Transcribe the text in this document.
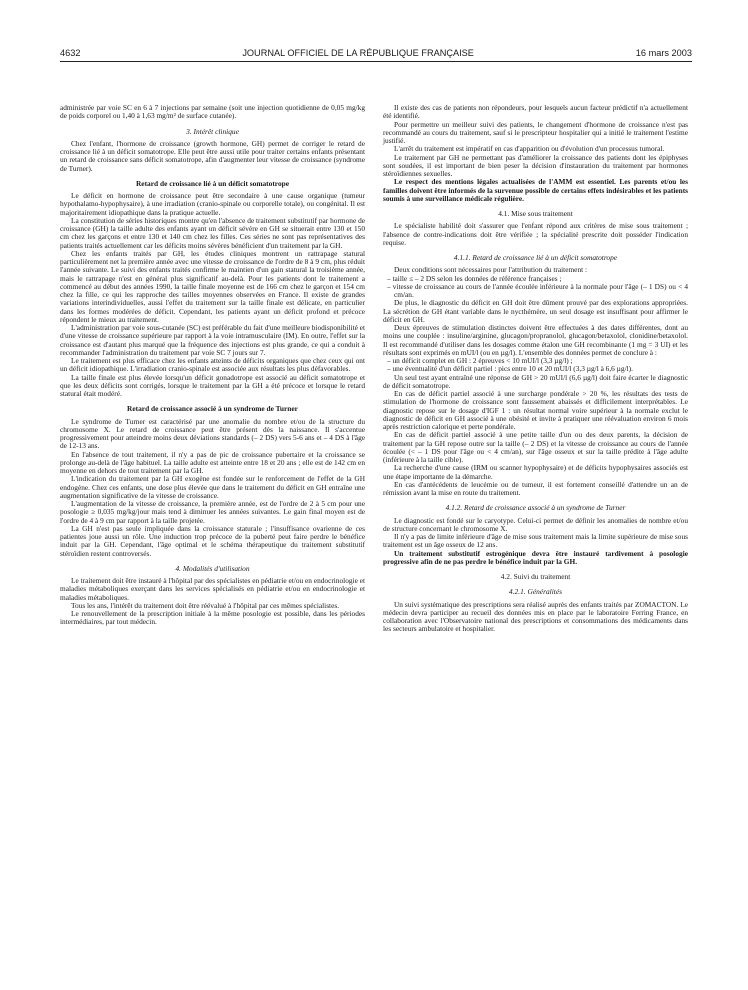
4632	JOURNAL OFFICIEL DE LA RÉPUBLIQUE FRANÇAISE	16 mars 2003

administrée par voie SC en 6 à 7 injections par semaine (soit une injection quotidienne de 0,05 mg/kg de poids corporel ou 1,40 à 1,63 mg/m² de surface cutanée).

3. Intérêt clinique

Chez l'enfant, l'hormone de croissance (growth hormone, GH) permet de corriger le retard de croissance lié à un déficit somatotrope. Elle peut être aussi utile pour traiter certains enfants présentant un retard de croissance sans déficit somatotrope, afin d'augmenter leur vitesse de croissance (syndrome de Turner).

Retard de croissance lié à un déficit somatotrope

Le déficit en hormone de croissance peut être secondaire à une cause organique (tumeur hypothalamo-hypophysaire), à une irradiation (cranio-spinale ou corporelle totale), ou congénital. Il est majoritairement idiopathique dans la pratique actuelle.

La constitution de séries historiques montre qu'en l'absence de traitement substitutif par hormone de croissance (GH) la taille adulte des enfants ayant un déficit sévère en GH se situerait entre 130 et 150 cm chez les garçons et entre 130 et 140 cm chez les filles. Ces séries ne sont pas représentatives des patients traités actuellement car les déficits moins sévères bénéficient d'un traitement par la GH.

Chez les enfants traités par GH, les études cliniques montrent un rattrapage statural particulièrement net la première année avec une vitesse de croissance de l'ordre de 8 à 9 cm, plus réduit l'année suivante. Le suivi des enfants traités confirme le maintien d'un gain statural la troisième année, mais le rattrapage n'est en général plus significatif au-delà. Pour les patients dont le traitement a commencé au début des années 1990, la taille finale moyenne est de 166 cm chez le garçon et 154 cm chez la fille, ce qui les rapproche des tailles moyennes observées en France. Il existe de grandes variations interindividuelles, aussi l'effet du traitement sur la taille finale est délicate, en particulier dans les formes modérées de déficit. Cependant, les patients ayant un déficit profond et précoce répondent le mieux au traitement.

L'administration par voie sous-cutanée (SC) est préférable du fait d'une meilleure biodisponibilité et d'une vitesse de croissance supérieure par rapport à la voie intramusculaire (IM). En outre, l'effet sur la croissance est d'autant plus marqué que la fréquence des injections est plus grande, ce qui a conduit à recommander l'administration du traitement par voie SC 7 jours sur 7.

Le traitement est plus efficace chez les enfants atteints de déficits organiques que chez ceux qui ont un déficit idiopathique. L'irradiation cranio-spinale est associée aux résultats les plus défavorables.

La taille finale est plus élevée lorsqu'un déficit gonadotrope est associé au déficit somatotrope et que les deux déficits sont corrigés, lorsque le traitement par la GH a été précoce et lorsque le retard statural était modéré.

Retard de croissance associé à un syndrome de Turner

Le syndrome de Turner est caractérisé par une anomalie du nombre et/ou de la structure du chromosome X. Le retard de croissance peut être présent dès la naissance. Il s'accentue progressivement pour atteindre moins deux déviations standards (– 2 DS) vers 5-6 ans et – 4 DS à l'âge de 12-13 ans.

En l'absence de tout traitement, il n'y a pas de pic de croissance pubertaire et la croissance se prolonge au-delà de l'âge habituel. La taille adulte est atteinte entre 18 et 20 ans ; elle est de 142 cm en moyenne en dehors de tout traitement par la GH.

L'indication du traitement par la GH exogène est fondée sur le renforcement de l'effet de la GH endogène. Chez ces enfants, une dose plus élevée que dans le traitement du déficit en GH entraîne une augmentation significative de la vitesse de croissance.

L'augmentation de la vitesse de croissance, la première année, est de l'ordre de 2 à 5 cm pour une posologie ≥ 0,035 mg/kg/jour mais tend à diminuer les années suivantes. Le gain final moyen est de l'ordre de 4 à 9 cm par rapport à la taille projetée.

La GH n'est pas seule impliquée dans la croissance staturale ; l'insuffisance ovarienne de ces patientes joue aussi un rôle. Une induction trop précoce de la puberté peut faire perdre le bénéfice induit par la GH. Cependant, l'âge optimal et le schéma thérapeutique du traitement substitutif stéroïdien restent controversés.

4. Modalités d'utilisation

Le traitement doit être instauré à l'hôpital par des spécialistes en pédiatrie et/ou en endocrinologie et maladies métaboliques exerçant dans les services spécialisés en pédiatrie et/ou en endocrinologie et maladies métaboliques.

Tous les ans, l'intérêt du traitement doit être réévalué à l'hôpital par ces mêmes spécialistes.

Le renouvellement de la prescription initiale à la même posologie est possible, dans les périodes intermédiaires, par tout médecin.

Il existe des cas de patients non répondeurs, pour lesquels aucun facteur prédictif n'a actuellement été identifié.

Pour permettre un meilleur suivi des patients, le changement d'hormone de croissance n'est pas recommandé au cours du traitement, sauf si le prescripteur hospitalier qui a initié le traitement l'estime justifié.

L'arrêt du traitement est impératif en cas d'apparition ou d'évolution d'un processus tumoral.

Le traitement par GH ne permettant pas d'améliorer la croissance des patients dont les épiphyses sont soudées, il est important de bien peser la décision d'instauration du traitement par hormones stéroïdiennes sexuelles.

Le respect des mentions légales actualisées de l'AMM est essentiel. Les parents et/ou les familles doivent être informés de la survenue possible de certains effets indésirables et les patients soumis à une surveillance médicale régulière.

4.1. Mise sous traitement

Le spécialiste habilité doit s'assurer que l'enfant répond aux critères de mise sous traitement ; l'absence de contre-indications doit être vérifiée ; la spécialité prescrite doit posséder l'indication requise.

4.1.1. Retard de croissance lié à un déficit somatotrope

Deux conditions sont nécessaires pour l'attribution du traitement :

– taille ≤ – 2 DS selon les données de référence françaises ;
– vitesse de croissance au cours de l'année écoulée inférieure à la normale pour l'âge (– 1 DS) ou < 4 cm/an.

De plus, le diagnostic du déficit en GH doit être dûment prouvé par des explorations appropriées. La sécrétion de GH étant variable dans le nycthémère, un seul dosage est insuffisant pour affirmer le déficit en GH.

Deux épreuves de stimulation distinctes doivent être effectuées à des dates différentes, dont au moins une couplée : insuline/arginine, glucagon/propranolol, glucagon/betaxolol, clonidine/betaxolol. Il est recommandé d'utiliser dans les dosages comme étalon une GH recombinante (1 mg = 3 UI) et les résultats sont exprimés en mUI/l (ou en µg/l). L'ensemble des données permet de conclure à :

– un déficit complet en GH : 2 épreuves < 10 mUI/l (3,3 µg/l) ;
– une éventualité d'un déficit partiel : pics entre 10 et 20 mUI/l (3,3 µg/l à 6,6 µg/l).

Un seul test ayant entraîné une réponse de GH > 20 mUI/l (6,6 µg/l) doit faire écarter le diagnostic de déficit somatotrope.

En cas de déficit partiel associé à une surcharge pondérale > 20 %, les résultats des tests de stimulation de l'hormone de croissance sont faussement abaissés et difficilement interprétables. Le diagnostic repose sur le dosage d'IGF 1 : un résultat normal voire supérieur à la normale exclut le diagnostic de déficit en GH associé à une obésité et invite à pratiquer une réévaluation environ 6 mois après restriction calorique et perte pondérale.

En cas de déficit partiel associé à une petite taille d'un ou des deux parents, la décision de traitement par la GH repose outre sur la taille (– 2 DS) et la vitesse de croissance au cours de l'année écoulée (< – 1 DS pour l'âge ou < 4 cm/an), sur l'âge osseux et sur la taille prédite à l'âge adulte (inférieure à la taille cible).

La recherche d'une cause (IRM ou scanner hypophysaire) et de déficits hypophysaires associés est une étape importante de la démarche.

En cas d'antécédents de leucémie ou de tumeur, il est fortement conseillé d'attendre un an de rémission avant la mise en route du traitement.

4.1.2. Retard de croissance associé à un syndrome de Turner

Le diagnostic est fondé sur le caryotype. Celui-ci permet de définir les anomalies de nombre et/ou de structure concernant le chromosome X.

Il n'y a pas de limite inférieure d'âge de mise sous traitement mais la limite supérieure de mise sous traitement est un âge osseux de 12 ans.

Un traitement substitutif estrogénique devra être instauré tardivement à posologie progressive afin de ne pas perdre le bénéfice induit par la GH.

4.2. Suivi du traitement
4.2.1. Généralités

Un suivi systématique des prescriptions sera réalisé auprès des enfants traités par ZOMACTON. Le médecin devra participer au recueil des données mis en place par le laboratoire Ferring France, en collaboration avec l'Observatoire national des prescriptions et consommations des médicaments dans les secteurs ambulatoire et hospitalier.
